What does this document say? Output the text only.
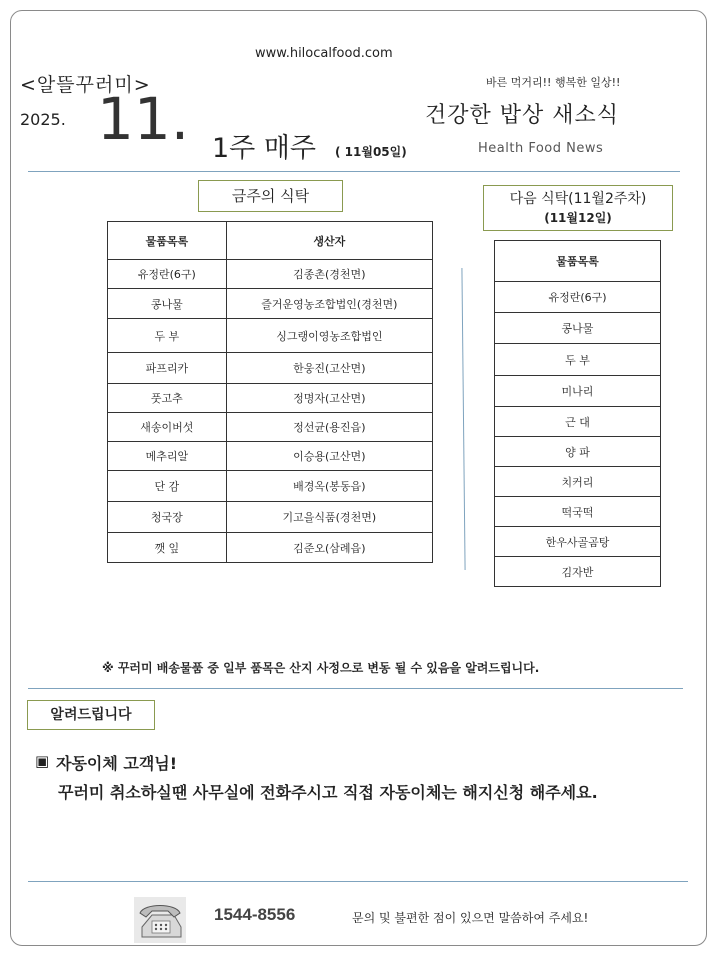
www.hilocalfood.com
<알뜰꾸러미>
2025. 11. 1주 매주 ( 11월05일)
바른 먹거리!! 행복한 일상!!
건강한 밥상 새소식
Health Food News
금주의 식탁
물품목록	생산자
유정란(6구)	김종촌(경천면)
콩나물	즐거운영농조합법인(경천면)
두 부	싱그랭이영농조합법인
파프리카	한웅진(고산면)
풋고추	정명자(고산면)
새송이버섯	정선균(용진읍)
메추리알	이승용(고산면)
단 감	배경옥(봉동읍)
청국장	기고을식품(경천면)
깻 잎	김준오(삼례읍)
다음 식탁(11월2주차)
(11월12일)
물품목록
유정란(6구)
콩나물
두 부
미나리
근 대
양 파
치커리
떡국떡
한우사골곰탕
김자반
※ 꾸러미 배송물품 중 일부 품목은 산지 사정으로 변동 될 수 있음을 알려드립니다.
알려드립니다
▣ 자동이체 고객님!
꾸러미 취소하실땐 사무실에 전화주시고 직접 자동이체는 해지신청 해주세요.
1544-8556	문의 및 불편한 점이 있으면 말씀하여 주세요!
